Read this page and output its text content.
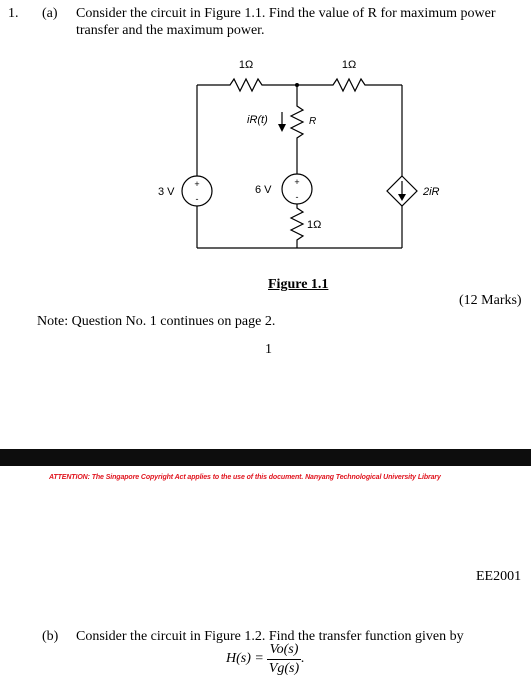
1. (a) Consider the circuit in Figure 1.1. Find the value of R for maximum power
transfer and the maximum power.
1Ω	1Ω
iR(t)	R
3 V
+
-
6 V
+
-	2iR
1Ω
Figure 1.1
(12 Marks)
Note: Question No. 1 continues on page 2.
1
ATTENTION: The Singapore Copyright Act applies to the use of this document. Nanyang Technological University Library
EE2001
(b) Consider the circuit in Figure 1.2. Find the transfer function given by
$H(s) = \frac{Vo(s)}{Vg(s)}$ .
